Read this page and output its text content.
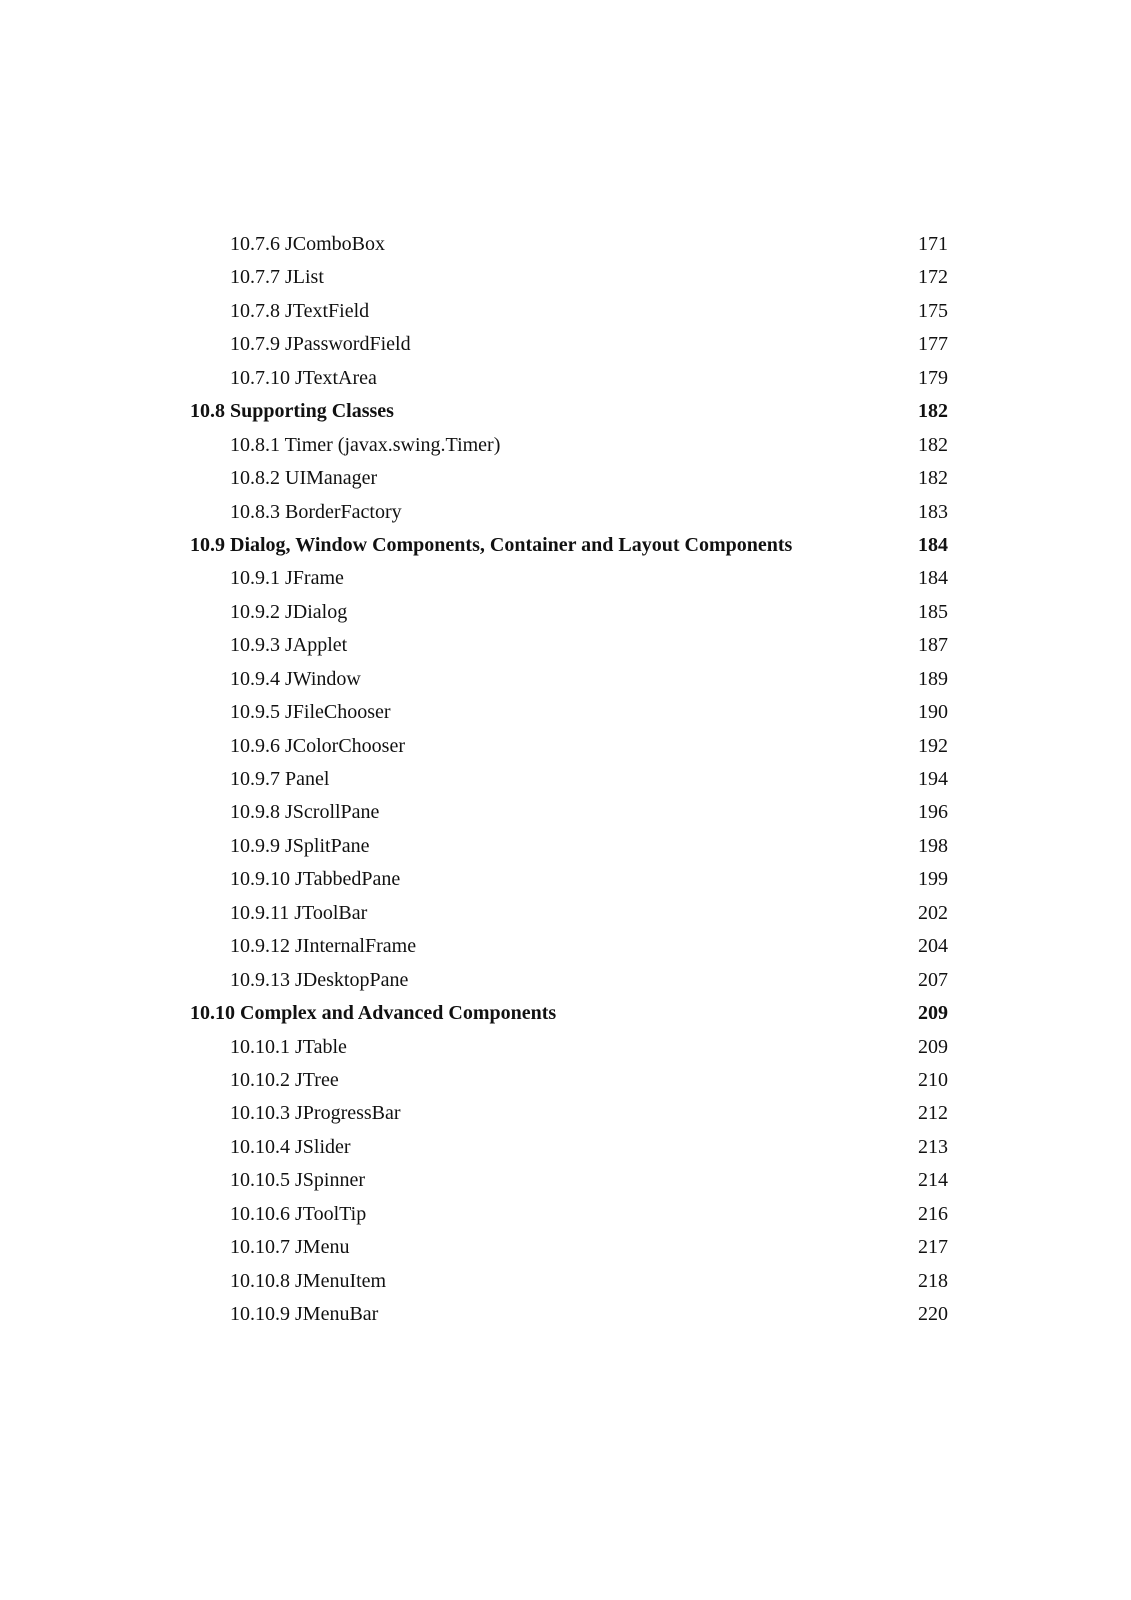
10.7.6 JComboBox	171
10.7.7 JList	172
10.7.8 JTextField	175
10.7.9 JPasswordField	177
10.7.10 JTextArea	179
10.8 Supporting Classes	182
10.8.1 Timer (javax.swing.Timer)	182
10.8.2 UIManager	182
10.8.3 BorderFactory	183
10.9 Dialog, Window Components, Container and Layout Components	184
10.9.1 JFrame	184
10.9.2 JDialog	185
10.9.3 JApplet	187
10.9.4 JWindow	189
10.9.5 JFileChooser	190
10.9.6 JColorChooser	192
10.9.7 Panel	194
10.9.8 JScrollPane	196
10.9.9 JSplitPane	198
10.9.10 JTabbedPane	199
10.9.11 JToolBar	202
10.9.12 JInternalFrame	204
10.9.13 JDesktopPane	207
10.10 Complex and Advanced Components	209
10.10.1 JTable	209
10.10.2 JTree	210
10.10.3 JProgressBar	212
10.10.4 JSlider	213
10.10.5 JSpinner	214
10.10.6 JToolTip	216
10.10.7 JMenu	217
10.10.8 JMenuItem	218
10.10.9 JMenuBar	220
